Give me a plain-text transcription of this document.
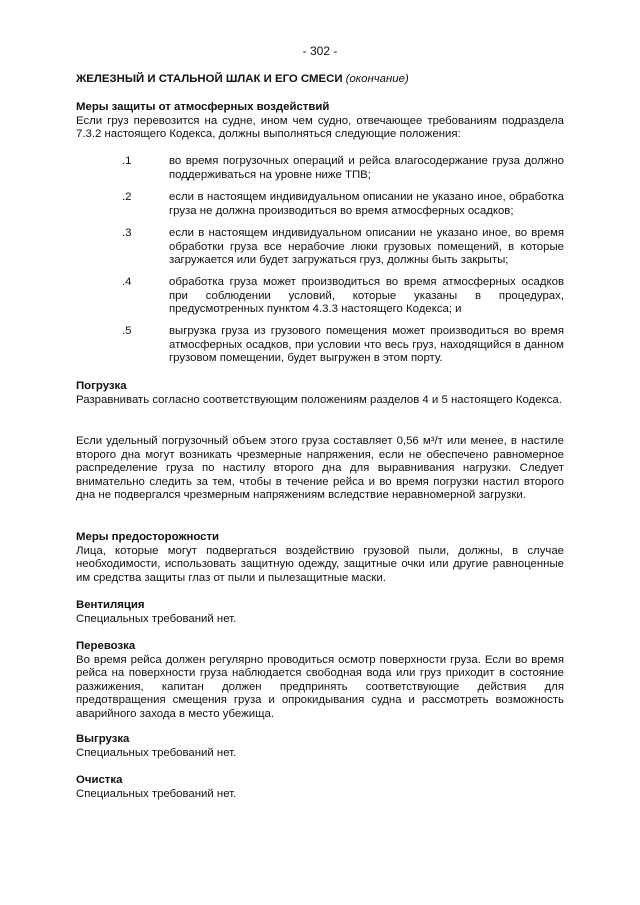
- 302 -
ЖЕЛЕЗНЫЙ И СТАЛЬНОЙ ШЛАК И ЕГО СМЕСИ (окончание)

Меры защиты от атмосферных воздействий

Если груз перевозится на судне, ином чем судно, отвечающее требованиям подраздела 7.3.2 настоящего Кодекса, должны выполняться следующие положения:

.1	во время погрузочных операций и рейса влагосодержание груза должно поддерживаться на уровне ниже ТПВ;
.2	если в настоящем индивидуальном описании не указано иное, обработка груза не должна производиться во время атмосферных осадков;
.3	если в настоящем индивидуальном описании не указано иное, во время обработки груза все нерабочие люки грузовых помещений, в которые загружается или будет загружаться груз, должны быть закрыты;
.4	обработка груза может производиться во время атмосферных осадков при соблюдении условий, которые указаны в процедурах, предусмотренных пунктом 4.3.3 настоящего Кодекса; и
.5	выгрузка груза из грузового помещения может производиться во время атмосферных осадков, при условии что весь груз, находящийся в данном грузовом помещении, будет выгружен в этом порту.

Погрузка

Разравнивать согласно соответствующим положениям разделов 4 и 5 настоящего Кодекса.

Если удельный погрузочный объем этого груза составляет 0,56 м³/т или менее, в настиле второго дна могут возникать чрезмерные напряжения, если не обеспечено равномерное распределение груза по настилу второго дна для выравнивания нагрузки. Следует внимательно следить за тем, чтобы в течение рейса и во время погрузки настил второго дна не подвергался чрезмерным напряжениям вследствие неравномерной загрузки.

Меры предосторожности

Лица, которые могут подвергаться воздействию грузовой пыли, должны, в случае необходимости, использовать защитную одежду, защитные очки или другие равноценные им средства защиты глаз от пыли и пылезащитные маски.

Вентиляция

Специальных требований нет.

Перевозка

Во время рейса должен регулярно проводиться осмотр поверхности груза. Если во время рейса на поверхности груза наблюдается свободная вода или груз приходит в состояние разжижения, капитан должен предпринять соответствующие действия для предотвращения смещения груза и опрокидывания судна и рассмотреть возможность аварийного захода в место убежища.

Выгрузка

Специальных требований нет.

Очистка

Специальных требований нет.
